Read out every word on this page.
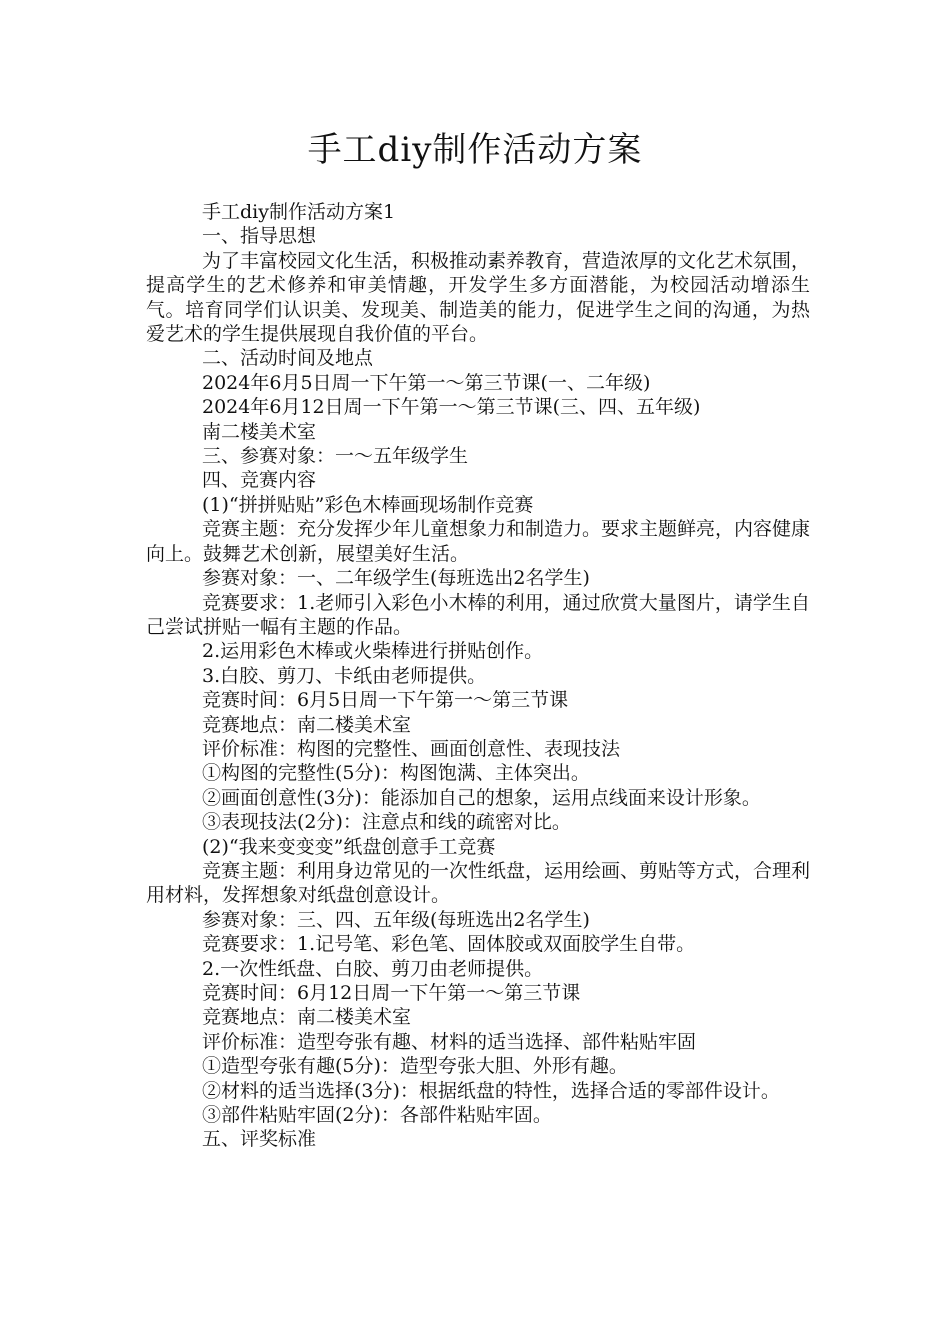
手工diy制作活动方案

手工diy制作活动方案1

一、指导思想

为了丰富校园文化生活，积极推动素养教育，营造浓厚的文化艺术氛围，提高学生的艺术修养和审美情趣，开发学生多方面潜能，为校园活动增添生气。培育同学们认识美、发现美、制造美的能力，促进学生之间的沟通，为热爱艺术的学生提供展现自我价值的平台。

二、活动时间及地点

2024年6月5日周一下午第一～第三节课(一、二年级)

2024年6月12日周一下午第一～第三节课(三、四、五年级)

南二楼美术室

三、参赛对象：一～五年级学生

四、竞赛内容

(1)“拼拼贴贴”彩色木棒画现场制作竞赛

竞赛主题：充分发挥少年儿童想象力和制造力。要求主题鲜亮，内容健康向上。鼓舞艺术创新，展望美好生活。

参赛对象：一、二年级学生(每班选出2名学生)

竞赛要求：1.老师引入彩色小木棒的利用，通过欣赏大量图片，请学生自己尝试拼贴一幅有主题的作品。

2.运用彩色木棒或火柴棒进行拼贴创作。

3.白胶、剪刀、卡纸由老师提供。

竞赛时间：6月5日周一下午第一～第三节课

竞赛地点：南二楼美术室

评价标准：构图的完整性、画面创意性、表现技法

①构图的完整性(5分)：构图饱满、主体突出。

②画面创意性(3分)：能添加自己的想象，运用点线面来设计形象。

③表现技法(2分)：注意点和线的疏密对比。

(2)“我来变变变”纸盘创意手工竞赛

竞赛主题：利用身边常见的一次性纸盘，运用绘画、剪贴等方式，合理利用材料，发挥想象对纸盘创意设计。

参赛对象：三、四、五年级(每班选出2名学生)

竞赛要求：1.记号笔、彩色笔、固体胶或双面胶学生自带。

2.一次性纸盘、白胶、剪刀由老师提供。

竞赛时间：6月12日周一下午第一～第三节课

竞赛地点：南二楼美术室

评价标准：造型夸张有趣、材料的适当选择、部件粘贴牢固

①造型夸张有趣(5分)：造型夸张大胆、外形有趣。

②材料的适当选择(3分)：根据纸盘的特性，选择合适的零部件设计。

③部件粘贴牢固(2分)：各部件粘贴牢固。

五、评奖标准
